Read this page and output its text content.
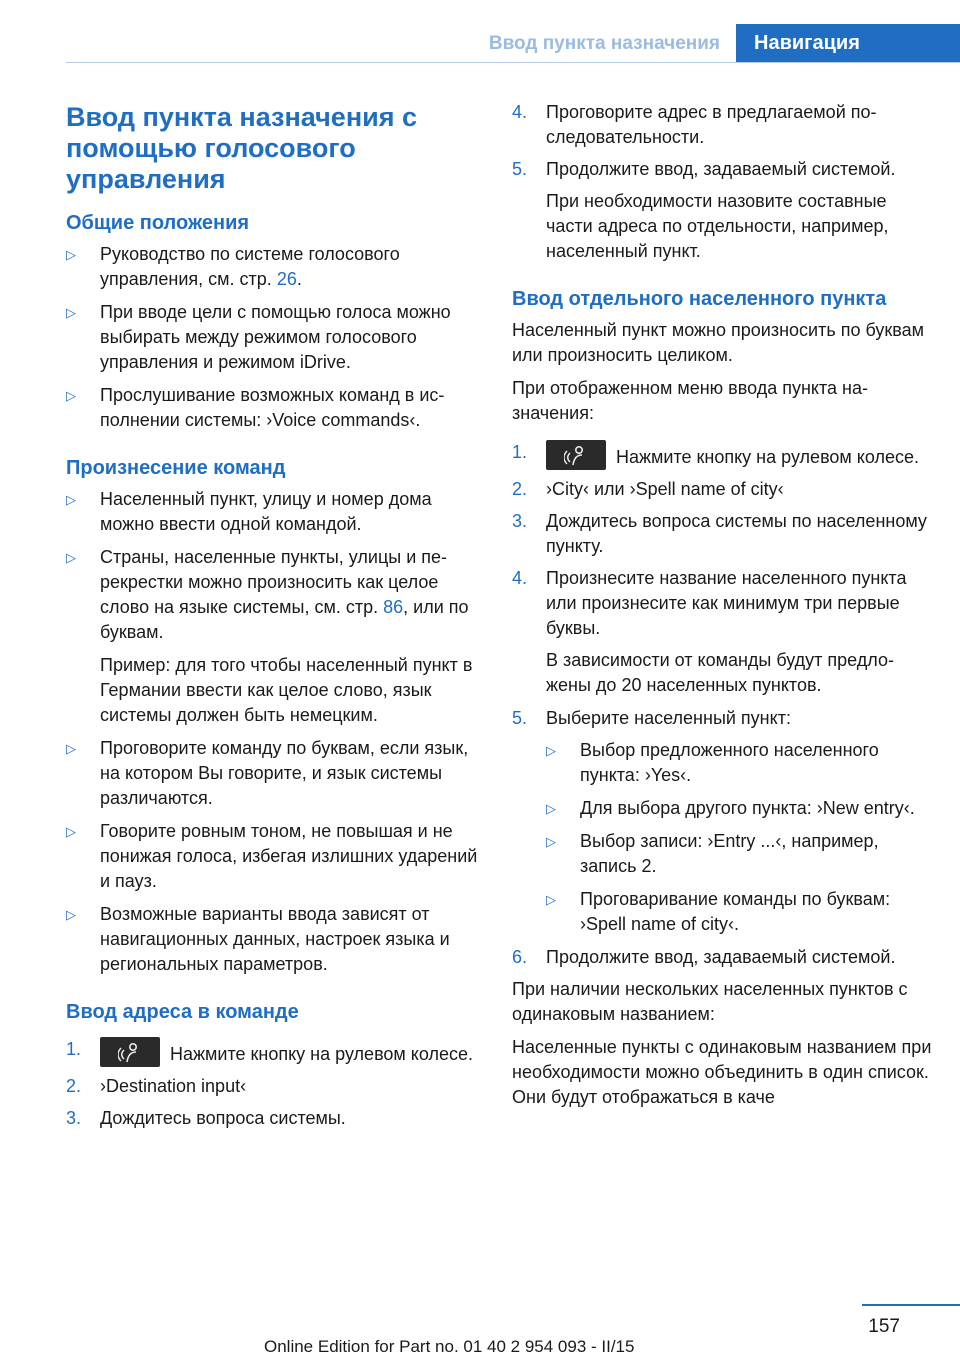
Ввод пункта назначения	Навигация
Ввод пункта назначения с помощью голосового управления
Общие положения
▷	Руководство по системе голосового управления, см. стр. 26.
▷	При вводе цели с помощью голоса можно выбирать между режимом голосового управления и режимом iDrive.
▷	Прослушивание возможных команд в исполнении системы: ›Voice commands‹.
Произнесение команд
▷	Населенный пункт, улицу и номер дома можно ввести одной командой.
▷	Страны, населенные пункты, улицы и перекрестки можно произносить как целое слово на языке системы, см. стр. 86, или по буквам.
Пример: для того чтобы населенный пункт в Германии ввести как целое слово, язык системы должен быть немецким.
▷	Проговорите команду по буквам, если язык, на котором Вы говорите, и язык системы различаются.
▷	Говорите ровным тоном, не повышая и не понижая голоса, избегая излишних ударений и пауз.
▷	Возможные варианты ввода зависят от навигационных данных, настроек языка и региональных параметров.
Ввод адреса в команде
1.	Нажмите кнопку на рулевом колесе.
2. ›Destination input‹
3. Дождитесь вопроса системы.
4. Проговорите адрес в предлагаемой последовательности.
5. Продолжите ввод, задаваемый системой.
При необходимости назовите составные части адреса по отдельности, например, населенный пункт.
Ввод отдельного населенного пункта
Населенный пункт можно произносить по буквам или произносить целиком.
При отображенном меню ввода пункта назначения:
1.	Нажмите кнопку на рулевом колесе.
2. ›City‹ или ›Spell name of city‹
3. Дождитесь вопроса системы по населенному пункту.
4. Произнесите название населенного пункта или произнесите как минимум три первые буквы.
В зависимости от команды будут предложены до 20 населенных пунктов.
5. Выберите населенный пункт:
▷	Выбор предложенного населенного пункта: ›Yes‹.
▷	Для выбора другого пункта: ›New entry‹.
▷	Выбор записи: ›Entry ...‹, например, запись 2.
▷	Проговаривание команды по буквам: ›Spell name of city‹.
6. Продолжите ввод, задаваемый системой.
При наличии нескольких населенных пунктов с одинаковым названием:
Населенные пункты с одинаковым названием при необходимости можно объединить в один список. Они будут отображаться в каче
157
Online Edition for Part no. 01 40 2 954 093 - II/15
